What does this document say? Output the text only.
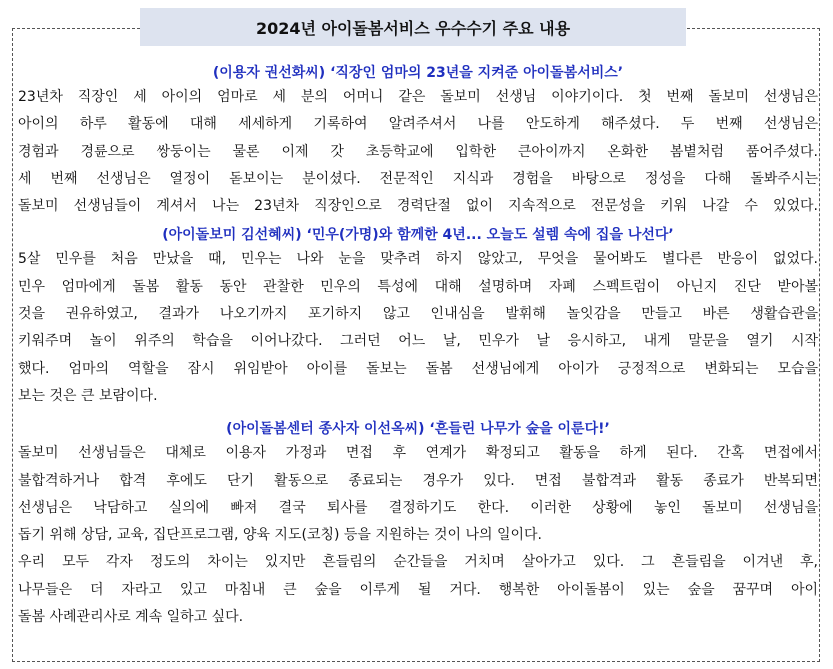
2024년 아이돌봄서비스 우수수기 주요 내용
(이용자 권선화씨) ‘직장인 엄마의 23년을 지켜준 아이돌봄서비스’
23년차 직장인 세 아이의 엄마로 세 분의 어머니 같은 돌보미 선생님 이야기이다. 첫 번째 돌보미 선생님은
아이의 하루 활동에 대해 세세하게 기록하여 알려주셔서 나를 안도하게 해주셨다. 두 번째 선생님은
경험과 경륜으로 쌍둥이는 물론 이제 갓 초등학교에 입학한 큰아이까지 온화한 봄볕처럼 품어주셨다.
세 번째 선생님은 열정이 돋보이는 분이셨다. 전문적인 지식과 경험을 바탕으로 정성을 다해 돌봐주시는
돌보미 선생님들이 계셔서 나는 23년차 직장인으로 경력단절 없이 지속적으로 전문성을 키워 나갈 수 있었다.
(아이돌보미 김선혜씨) ‘민우(가명)와 함께한 4년... 오늘도 설렘 속에 집을 나선다’
5살 민우를 처음 만났을 때, 민우는 나와 눈을 맞추려 하지 않았고, 무엇을 물어봐도 별다른 반응이 없었다.
민우 엄마에게 돌봄 활동 동안 관찰한 민우의 특성에 대해 설명하며 자폐 스펙트럼이 아닌지 진단 받아볼
것을 권유하였고, 결과가 나오기까지 포기하지 않고 인내심을 발휘해 놀잇감을 만들고 바른 생활습관을
키워주며 놀이 위주의 학습을 이어나갔다. 그러던 어느 날, 민우가 날 응시하고, 내게 말문을 열기 시작
했다. 엄마의 역할을 잠시 위임받아 아이를 돌보는 돌봄 선생님에게 아이가 긍정적으로 변화되는 모습을
보는 것은 큰 보람이다.
(아이돌봄센터 종사자 이선옥씨) ‘흔들린 나무가 숲을 이룬다!’
돌보미 선생님들은 대체로 이용자 가정과 면접 후 연계가 확정되고 활동을 하게 된다. 간혹 면접에서
불합격하거나 합격 후에도 단기 활동으로 종료되는 경우가 있다. 면접 불합격과 활동 종료가 반복되면
선생님은 낙담하고 실의에 빠져 결국 퇴사를 결정하기도 한다. 이러한 상황에 놓인 돌보미 선생님을
돕기 위해 상담, 교육, 집단프로그램, 양육 지도(코칭) 등을 지원하는 것이 나의 일이다.
우리 모두 각자 정도의 차이는 있지만 흔들림의 순간들을 거치며 살아가고 있다. 그 흔들림을 이겨낸 후,
나무들은 더 자라고 있고 마침내 큰 숲을 이루게 될 거다. 행복한 아이돌봄이 있는 숲을 꿈꾸며 아이
돌봄 사례관리사로 계속 일하고 싶다.
